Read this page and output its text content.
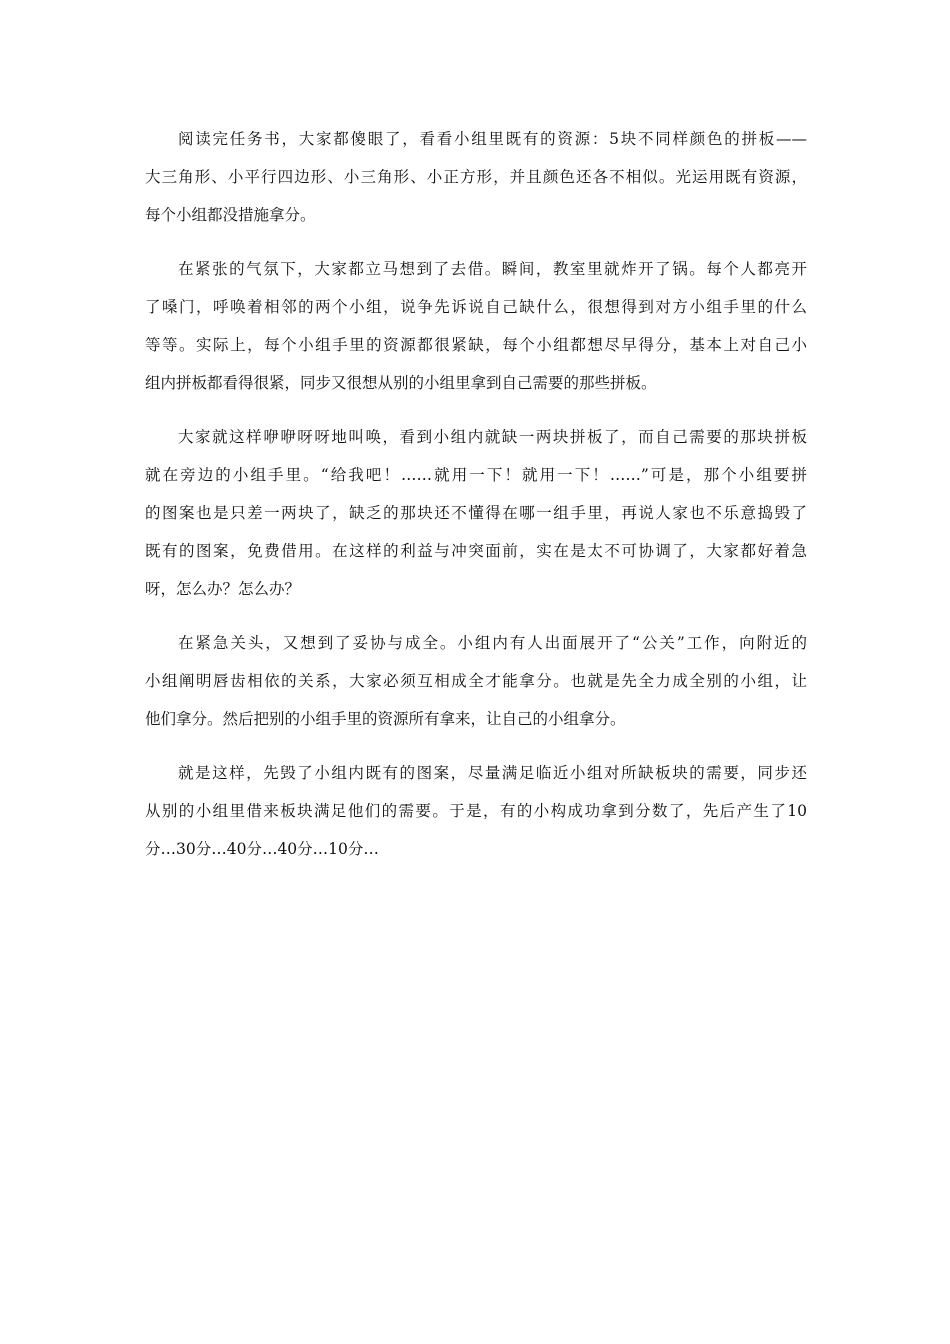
阅读完任务书，大家都傻眼了，看看小组里既有的资源：5块不同样颜色的拼板——
大三角形、小平行四边形、小三角形、小正方形，并且颜色还各不相似。光运用既有资源，
每个小组都没措施拿分。
在紧张的气氛下，大家都立马想到了去借。瞬间，教室里就炸开了锅。每个人都亮开
了嗓门，呼唤着相邻的两个小组，说争先诉说自己缺什么，很想得到对方小组手里的什么
等等。实际上，每个小组手里的资源都很紧缺，每个小组都想尽早得分，基本上对自己小
组内拼板都看得很紧，同步又很想从别的小组里拿到自己需要的那些拼板。
大家就这样咿咿呀呀地叫唤，看到小组内就缺一两块拼板了，而自己需要的那块拼板
就在旁边的小组手里。“给我吧！……就用一下！就用一下！……”可是，那个小组要拼
的图案也是只差一两块了，缺乏的那块还不懂得在哪一组手里，再说人家也不乐意捣毁了
既有的图案，免费借用。在这样的利益与冲突面前，实在是太不可协调了，大家都好着急
呀，怎么办？怎么办？
在紧急关头，又想到了妥协与成全。小组内有人出面展开了“公关”工作，向附近的
小组阐明唇齿相依的关系，大家必须互相成全才能拿分。也就是先全力成全别的小组，让
他们拿分。然后把别的小组手里的资源所有拿来，让自己的小组拿分。
就是这样，先毁了小组内既有的图案，尽量满足临近小组对所缺板块的需要，同步还
从别的小组里借来板块满足他们的需要。于是，有的小构成功拿到分数了，先后产生了10
分…30分…40分…40分…10分…
